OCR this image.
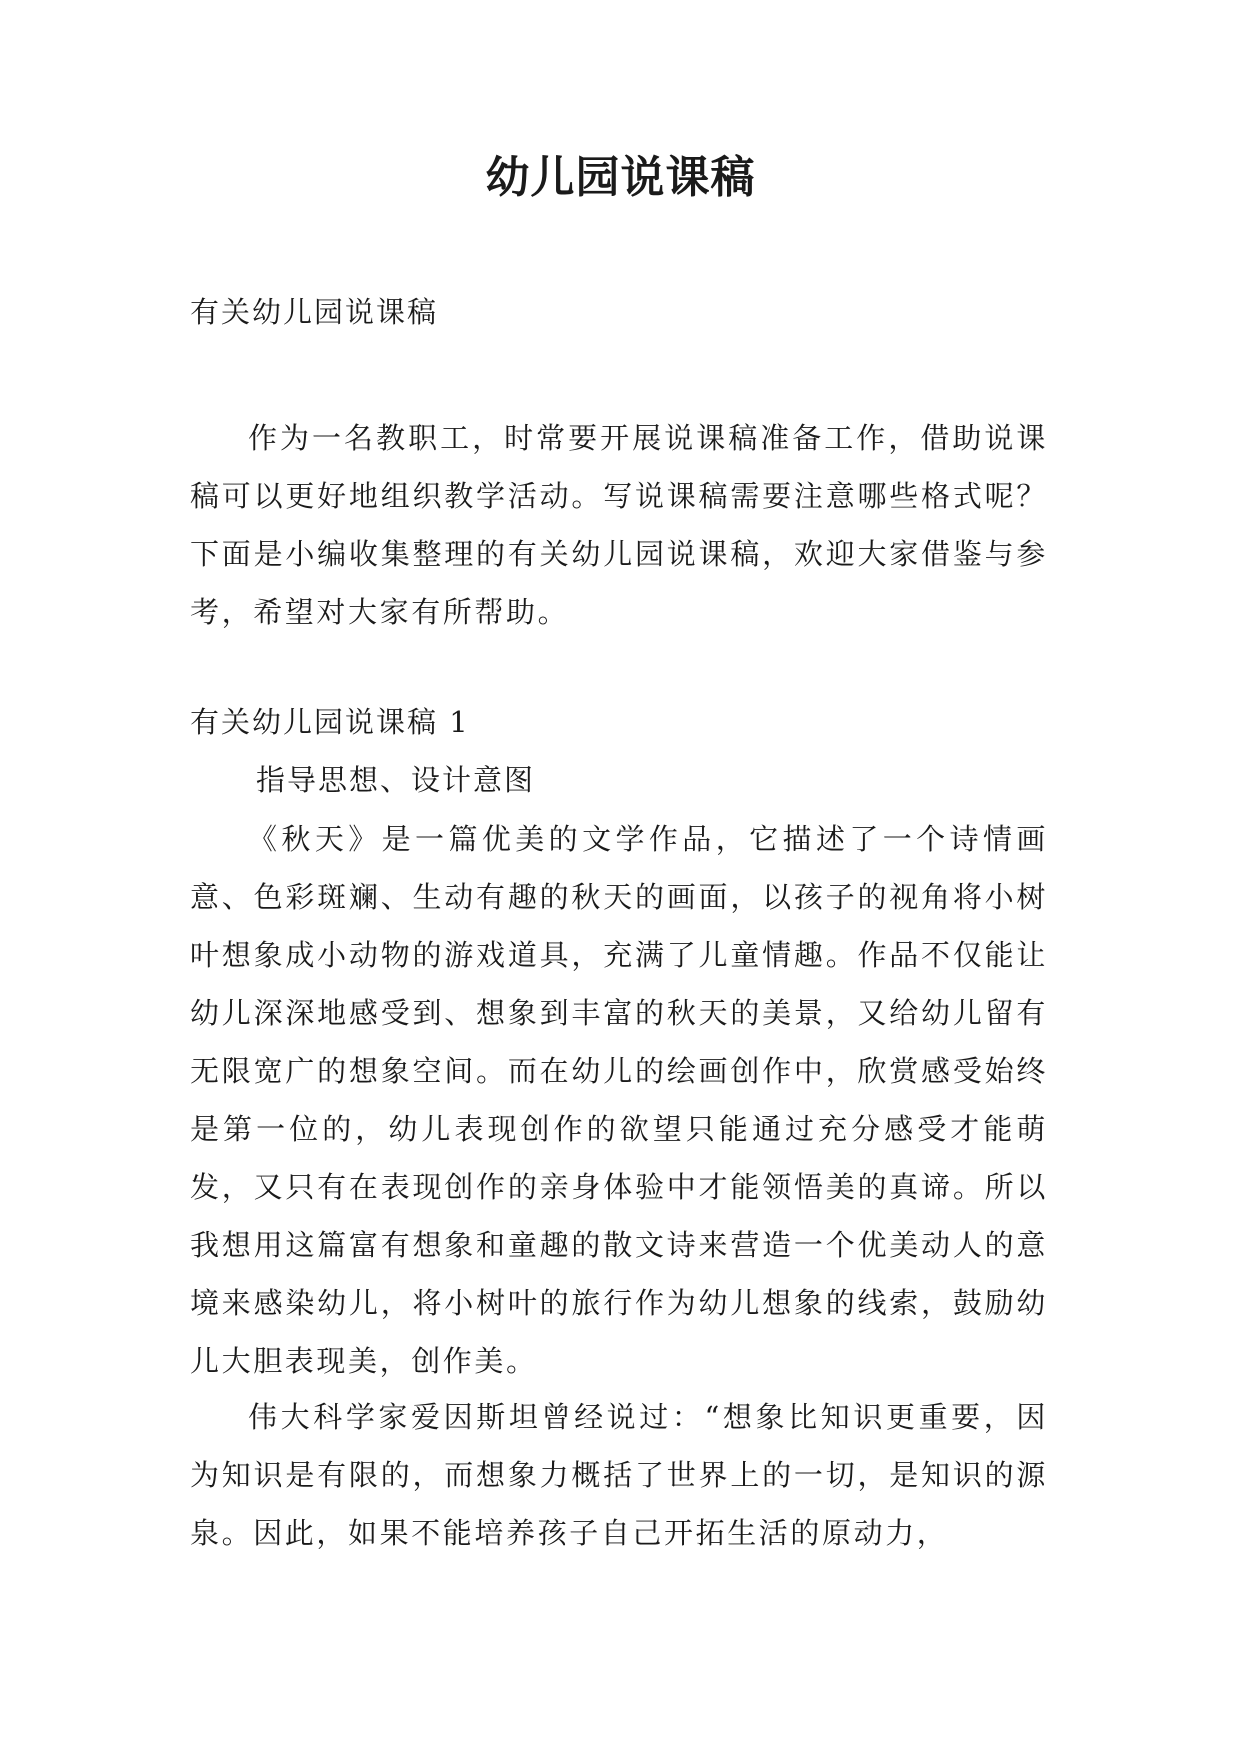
幼儿园说课稿
有关幼儿园说课稿

作为一名教职工，时常要开展说课稿准备工作，借助说课稿可以更好地组织教学活动。写说课稿需要注意哪些格式呢？下面是小编收集整理的有关幼儿园说课稿，欢迎大家借鉴与参考，希望对大家有所帮助。

有关幼儿园说课稿 1
指导思想、设计意图

《秋天》是一篇优美的文学作品，它描述了一个诗情画意、色彩斑斓、生动有趣的秋天的画面，以孩子的视角将小树叶想象成小动物的游戏道具，充满了儿童情趣。作品不仅能让幼儿深深地感受到、想象到丰富的秋天的美景，又给幼儿留有无限宽广的想象空间。而在幼儿的绘画创作中，欣赏感受始终是第一位的，幼儿表现创作的欲望只能通过充分感受才能萌发，又只有在表现创作的亲身体验中才能领悟美的真谛。所以我想用这篇富有想象和童趣的散文诗来营造一个优美动人的意境来感染幼儿，将小树叶的旅行作为幼儿想象的线索，鼓励幼儿大胆表现美，创作美。

伟大科学家爱因斯坦曾经说过：“想象比知识更重要，因为知识是有限的，而想象力概括了世界上的一切，是知识的源泉。因此，如果不能培养孩子自己开拓生活的原动力，
